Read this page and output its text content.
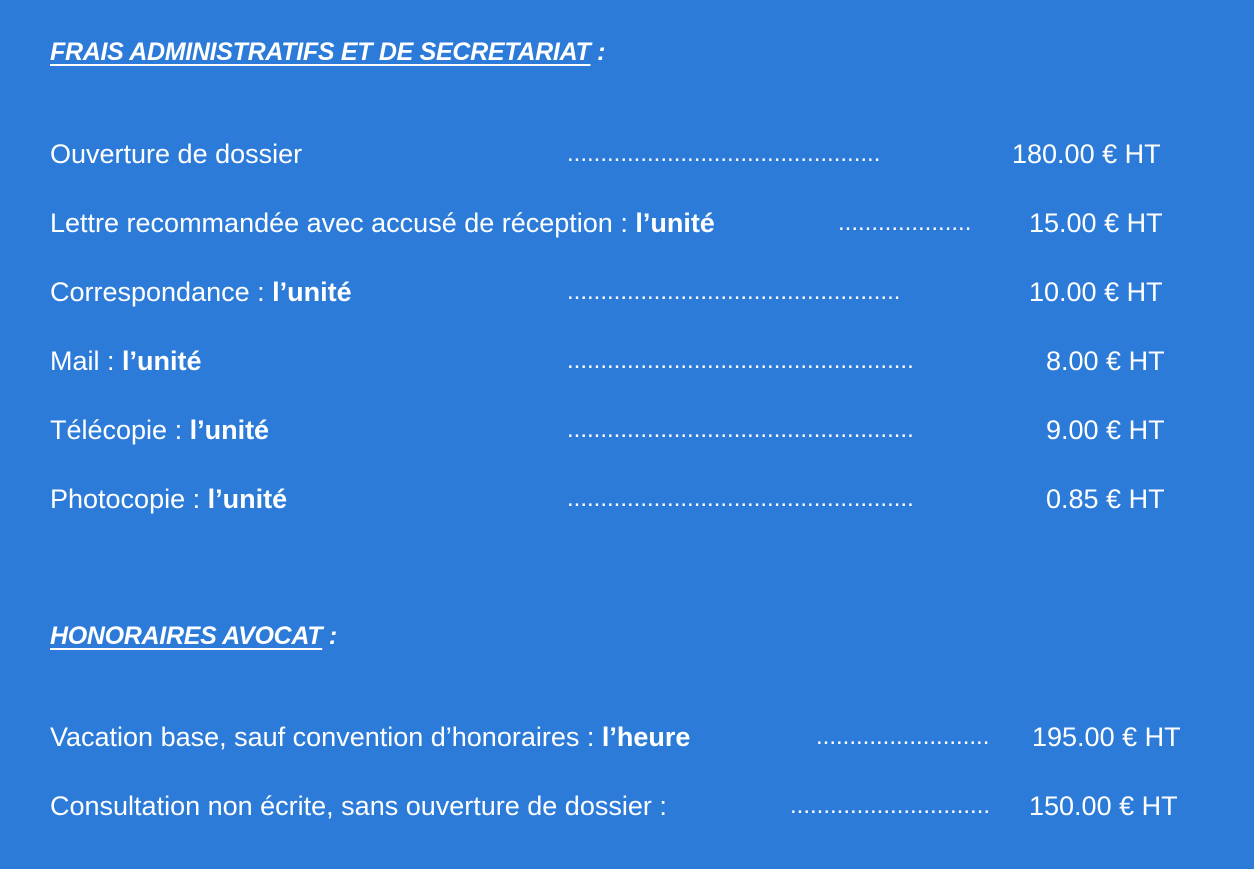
FRAIS ADMINISTRATIFS ET DE SECRETARIAT :
Ouverture de dossier	...............................................	180.00 € HT
Lettre recommandée avec accusé de réception : l’unité	.................... 15.00 € HT
Correspondance : l’unité	..................................................	10.00 € HT
Mail : l’unité	....................................................	8.00 € HT
Télécopie : l’unité	....................................................	9.00 € HT
Photocopie : l’unité	....................................................	0.85 € HT
HONORAIRES AVOCAT :
Vacation base, sauf convention d’honoraires : l’heure	.......................... 195.00 € HT
Consultation non écrite, sans ouverture de dossier :	.............................. 150.00 € HT
